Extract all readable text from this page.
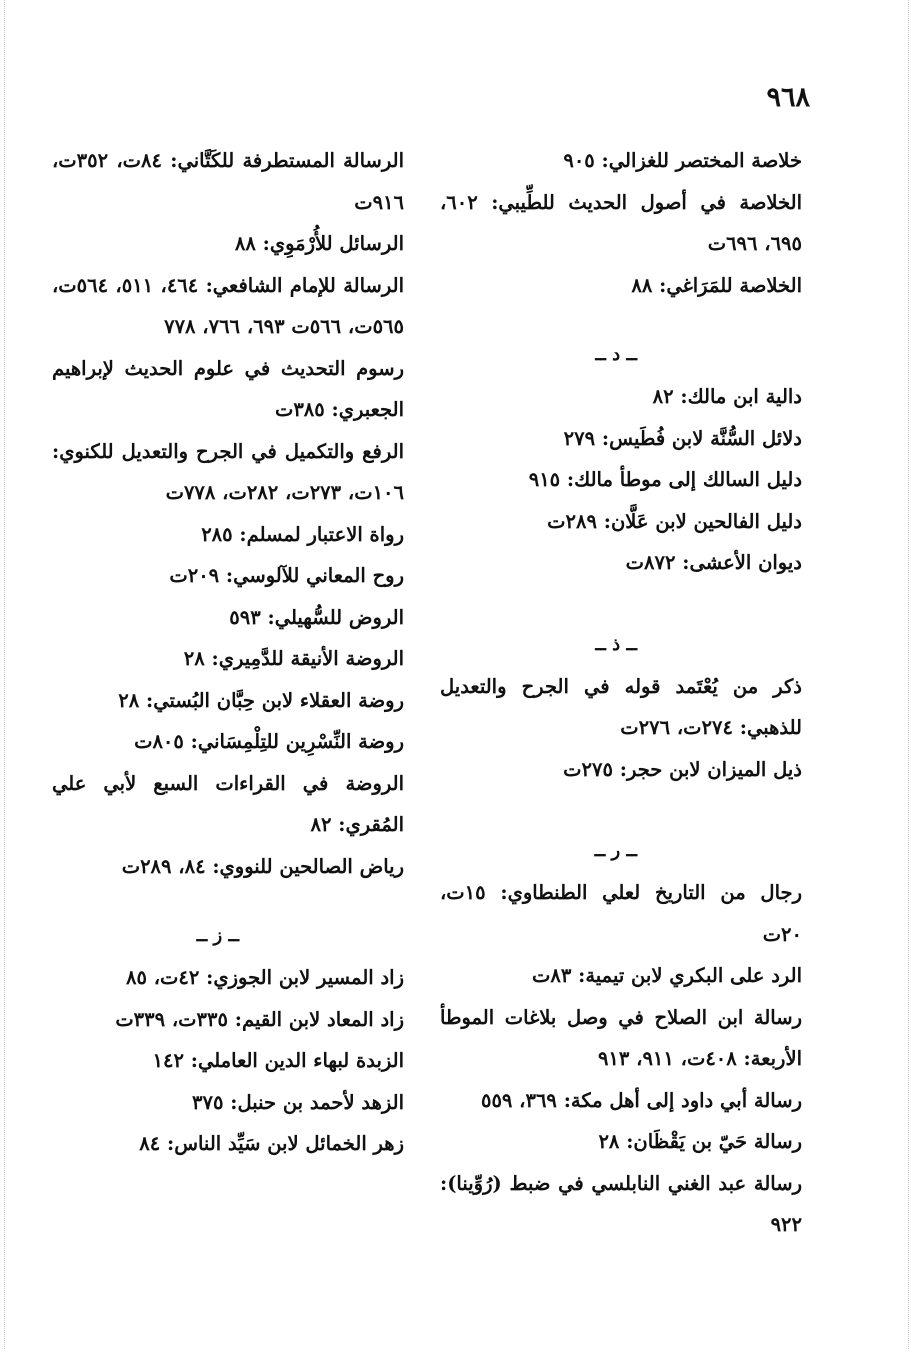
٩٦٨
خلاصة المختصر للغزالي: ٩٠٥
الخلاصة في أصول الحديث للطِّيبي: ٦٠٢، ٦٩٥، ٦٩٦ت
الخلاصة للمَرَاغي: ٨٨
ــ د ــ
دالية ابن مالك: ٨٢
دلائل السُّنَّة لابن فُطَيس: ٢٧٩
دليل السالك إلى موطأ مالك: ٩١٥
دليل الفالحين لابن عَلَّان: ٢٨٩ت
ديوان الأعشى: ٨٧٢ت
ــ ذ ــ
ذكر من يُعْتَمد قوله في الجرح والتعديل للذهبي: ٢٧٤ت، ٢٧٦ت
ذيل الميزان لابن حجر: ٢٧٥ت
ــ ر ــ
رجال من التاريخ لعلي الطنطاوي: ١٥ت، ٢٠ت
الرد على البكري لابن تيمية: ٨٣ت
رسالة ابن الصلاح في وصل بلاغات الموطأ الأربعة: ٤٠٨ت، ٩١١، ٩١٣
رسالة أبي داود إلى أهل مكة: ٣٦٩، ٥٥٩
رسالة حَيّ بن يَقْظَان: ٢٨
رسالة عبد الغني النابلسي في ضبط (رُوِّينا): ٩٢٢
الرسالة المستطرفة للكَتَّاني: ٨٤ت، ٣٥٢ت، ٩١٦ت
الرسائل للأُرْمَوِي: ٨٨
الرسالة للإمام الشافعي: ٤٦٤، ٥١١، ٥٦٤ت، ٥٦٥ت، ٥٦٦ت ٦٩٣، ٧٦٦، ٧٧٨
رسوم التحديث في علوم الحديث لإبراهيم الجعبري: ٣٨٥ت
الرفع والتكميل في الجرح والتعديل للكنوي: ١٠٦ت، ٢٧٣ت، ٢٨٢ت، ٧٧٨ت
رواة الاعتبار لمسلم: ٢٨٥
روح المعاني للآلوسي: ٢٠٩ت
الروض للسُّهيلي: ٥٩٣
الروضة الأنيقة للدَّمِيري: ٢٨
روضة العقلاء لابن حِبَّان البُستي: ٢٨
روضة النِّسْرِين للتِلْمِسَاني: ٨٠٥ت
الروضة في القراءات السبع لأبي علي المُقري: ٨٢
رياض الصالحين للنووي: ٨٤، ٢٨٩ت
ــ ز ــ
زاد المسير لابن الجوزي: ٤٢ت، ٨٥
زاد المعاد لابن القيم: ٣٣٥ت، ٣٣٩ت
الزبدة لبهاء الدين العاملي: ١٤٢
الزهد لأحمد بن حنبل: ٣٧٥
زهر الخمائل لابن سَيِّد الناس: ٨٤
